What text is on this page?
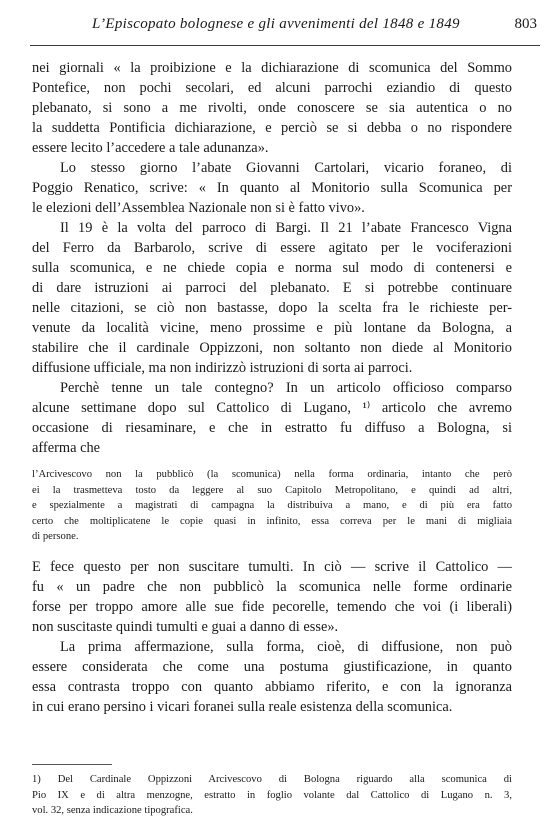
L’Episcopato bolognese e gli avvenimenti del 1848 e 1849	803
nei giornali « la proibizione e la dichiarazione di scomunica del Sommo
Pontefice, non pochi secolari, ed alcuni parrochi eziandio di questo
plebanato, si sono a me rivolti, onde conoscere se sia autentica o no
la suddetta Pontificia dichiarazione, e perciò se si debba o no rispondere
essere lecito l’accedere a tale adunanza».
Lo stesso giorno l’abate Giovanni Cartolari, vicario foraneo, di
Poggio Renatico, scrive: « In quanto al Monitorio sulla Scomunica per
le elezioni dell’Assemblea Nazionale non si è fatto vivo».
Il 19 è la volta del parroco di Bargi. Il 21 l’abate Francesco Vigna
del Ferro da Barbarolo, scrive di essere agitato per le vociferazioni
sulla scomunica, e ne chiede copia e norma sul modo di contenersi e
di dare istruzioni ai parroci del plebanato. E si potrebbe continuare
nelle citazioni, se ciò non bastasse, dopo la scelta fra le richieste per-
venute da località vicine, meno prossime e più lontane da Bologna, a
stabilire che il cardinale Oppizzoni, non soltanto non diede al Monitorio
diffusione ufficiale, ma non indirizzò istruzioni di sorta ai parroci.
Perchè tenne un tale contegno? In un articolo officioso comparso
alcune settimane dopo sul Cattolico di Lugano, ¹⁾ articolo che avremo
occasione di riesaminare, e che in estratto fu diffuso a Bologna, si
afferma che
l’Arcivescovo non la pubblicò (la scomunica) nella forma ordinaria, intanto che però
ei la trasmetteva tosto da leggere al suo Capitolo Metropolitano, e quindi ad altri,
e spezialmente a magistrati di campagna la distribuiva a mano, e di più era fatto
certo che moltiplicatene le copie quasi in infinito, essa correva per le mani di migliaia
di persone.
E fece questo per non suscitare tumulti. In ciò — scrive il Cattolico —
fu « un padre che non pubblicò la scomunica nelle forme ordinarie
forse per troppo amore alle sue fide pecorelle, temendo che voi (i liberali)
non suscitaste quindi tumulti e guai a danno di esse».
La prima affermazione, sulla forma, cioè, di diffusione, non può
essere considerata che come una postuma giustificazione, in quanto
essa contrasta troppo con quanto abbiamo riferito, e con la ignoranza
in cui erano persino i vicari foranei sulla reale esistenza della scomunica.
1) Del Cardinale Oppizzoni Arcivescovo di Bologna riguardo alla scomunica di
Pio IX e di altra menzogne, estratto in foglio volante dal Cattolico di Lugano n. 3,
vol. 32, senza indicazione tipografica.
